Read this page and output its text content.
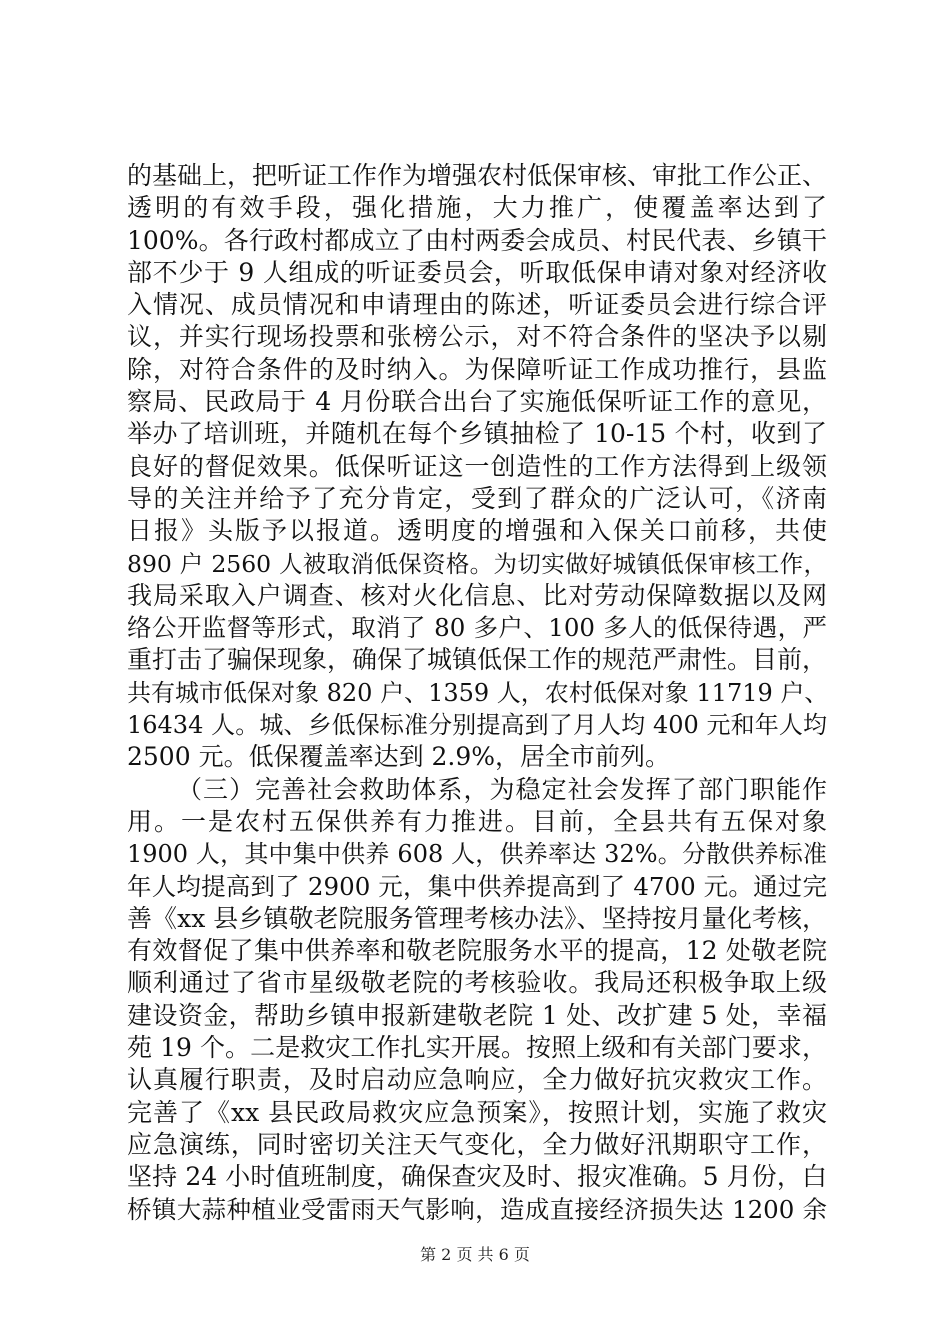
的基础上，把听证工作作为增强农村低保审核、审批工作公正、
透明的有效手段，强化措施，大力推广，使覆盖率达到了
100%。各行政村都成立了由村两委会成员、村民代表、乡镇干
部不少于 9 人组成的听证委员会，听取低保申请对象对经济收
入情况、成员情况和申请理由的陈述，听证委员会进行综合评
议，并实行现场投票和张榜公示，对不符合条件的坚决予以剔
除，对符合条件的及时纳入。为保障听证工作成功推行，县监
察局、民政局于 4 月份联合出台了实施低保听证工作的意见，
举办了培训班，并随机在每个乡镇抽检了 10-15 个村，收到了
良好的督促效果。低保听证这一创造性的工作方法得到上级领
导的关注并给予了充分肯定，受到了群众的广泛认可，《济南
日报》头版予以报道。透明度的增强和入保关口前移，共使
890 户 2560 人被取消低保资格。为切实做好城镇低保审核工作，
我局采取入户调查、核对火化信息、比对劳动保障数据以及网
络公开监督等形式，取消了 80 多户、100 多人的低保待遇，严
重打击了骗保现象，确保了城镇低保工作的规范严肃性。目前，
共有城市低保对象 820 户、1359 人，农村低保对象 11719 户、
16434 人。城、乡低保标准分别提高到了月人均 400 元和年人均
2500 元。低保覆盖率达到 2.9%，居全市前列。
（三）完善社会救助体系，为稳定社会发挥了部门职能作
用。一是农村五保供养有力推进。目前，全县共有五保对象
1900 人，其中集中供养 608 人，供养率达 32%。分散供养标准
年人均提高到了 2900 元，集中供养提高到了 4700 元。通过完
善《xx 县乡镇敬老院服务管理考核办法》、坚持按月量化考核，
有效督促了集中供养率和敬老院服务水平的提高，12 处敬老院
顺利通过了省市星级敬老院的考核验收。我局还积极争取上级
建设资金，帮助乡镇申报新建敬老院 1 处、改扩建 5 处，幸福
苑 19 个。二是救灾工作扎实开展。按照上级和有关部门要求，
认真履行职责，及时启动应急响应，全力做好抗灾救灾工作。
完善了《xx 县民政局救灾应急预案》，按照计划，实施了救灾
应急演练，同时密切关注天气变化，全力做好汛期职守工作，
坚持 24 小时值班制度，确保查灾及时、报灾准确。5 月份，白
桥镇大蒜种植业受雷雨天气影响，造成直接经济损失达 1200 余
第 2 页 共 6 页
